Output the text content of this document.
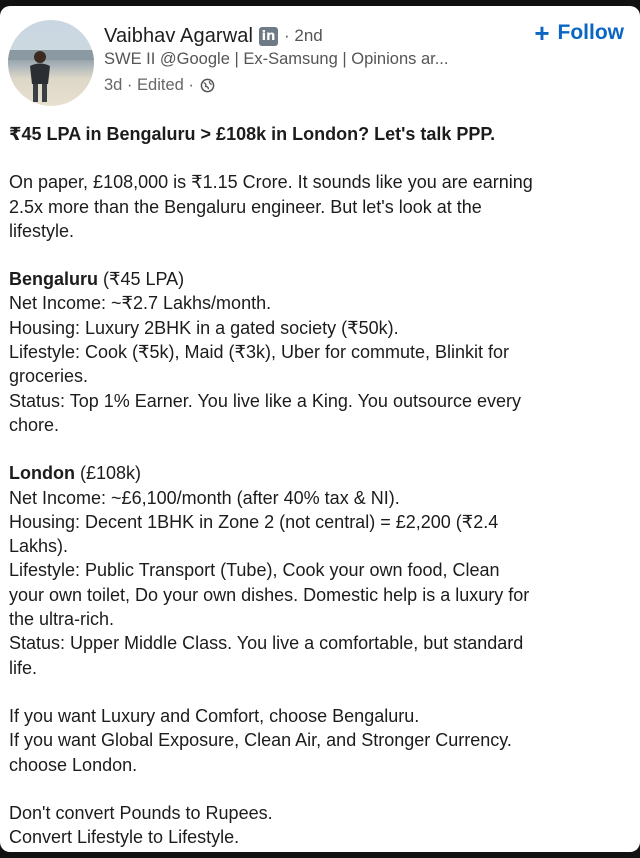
Vaibhav Agarwal in · 2nd
SWE II @Google | Ex-Samsung | Opinions ar...
3d · Edited ·
+ Follow
₹45 LPA in Bengaluru > £108k in London? Let's talk PPP.
On paper, £108,000 is ₹1.15 Crore. It sounds like you are earning
2.5x more than the Bengaluru engineer. But let's look at the
lifestyle.
Bengaluru (₹45 LPA)
Net Income: ~₹2.7 Lakhs/month.
Housing: Luxury 2BHK in a gated society (₹50k).
Lifestyle: Cook (₹5k), Maid (₹3k), Uber for commute, Blinkit for
groceries.
Status: Top 1% Earner. You live like a King. You outsource every
chore.
London (£108k)
Net Income: ~£6,100/month (after 40% tax & NI).
Housing: Decent 1BHK in Zone 2 (not central) = £2,200 (₹2.4
Lakhs).
Lifestyle: Public Transport (Tube), Cook your own food, Clean
your own toilet, Do your own dishes. Domestic help is a luxury for
the ultra-rich.
Status: Upper Middle Class. You live a comfortable, but standard
life.
If you want Luxury and Comfort, choose Bengaluru.
If you want Global Exposure, Clean Air, and Stronger Currency.
choose London.
Don't convert Pounds to Rupees.
Convert Lifestyle to Lifestyle.
